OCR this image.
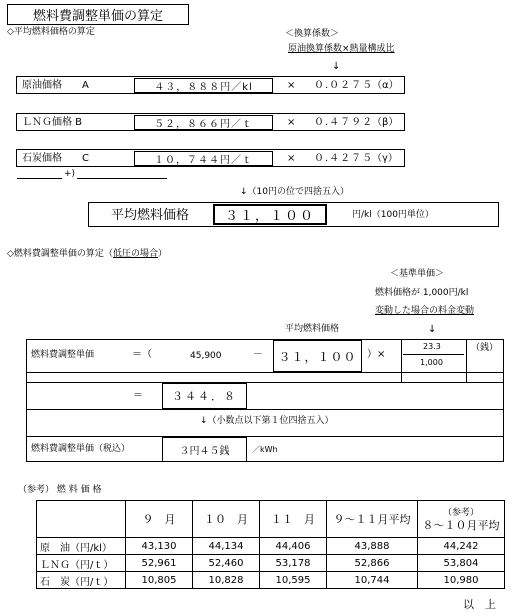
燃料費調整単価の算定
◇平均燃料価格の算定	＜換算係数＞
原油換算係数×熱量構成比
↓
原油価格　　A	４３，８８８円／kl	× ０.０２７５
（α）
ＬＮＧ価格 B	５２，８６６円／ｔ	× ０.４７９２
（β）
石炭価格　　C	１０，７４４円／ｔ	× ０.４２７５
（γ）
+)
↓（10円の位で四捨五入）
平均燃料価格	３１，１００	円/kl（100円単位）
◇燃料費調整単価の算定（低圧の場合）
＜基準単価＞
燃料価格が 1,000円/kl
変動した場合の料金変動
平均燃料価格	↓
燃料費調整単価	＝（	45,900	－	３１，１００	）×
23.3
1,000
（銭）
＝	３４４．８
↓（小数点以下第１位四捨五入）
燃料費調整単価（税込）	３円４５銭	／kWh
（参考） 燃 料 価 格
	９　月	１０　月	１１　月	９～１１月平均	（参考）
８～１０月平均

原　油（円/kl）	43,130	44,134	44,406	43,888	44,242
ＬＮＧ（円/ｔ）	52,961	52,460	53,178	52,866	53,804
石　炭（円/ｔ）	10,805	10,828	10,595	10,744	10,980
以　上
